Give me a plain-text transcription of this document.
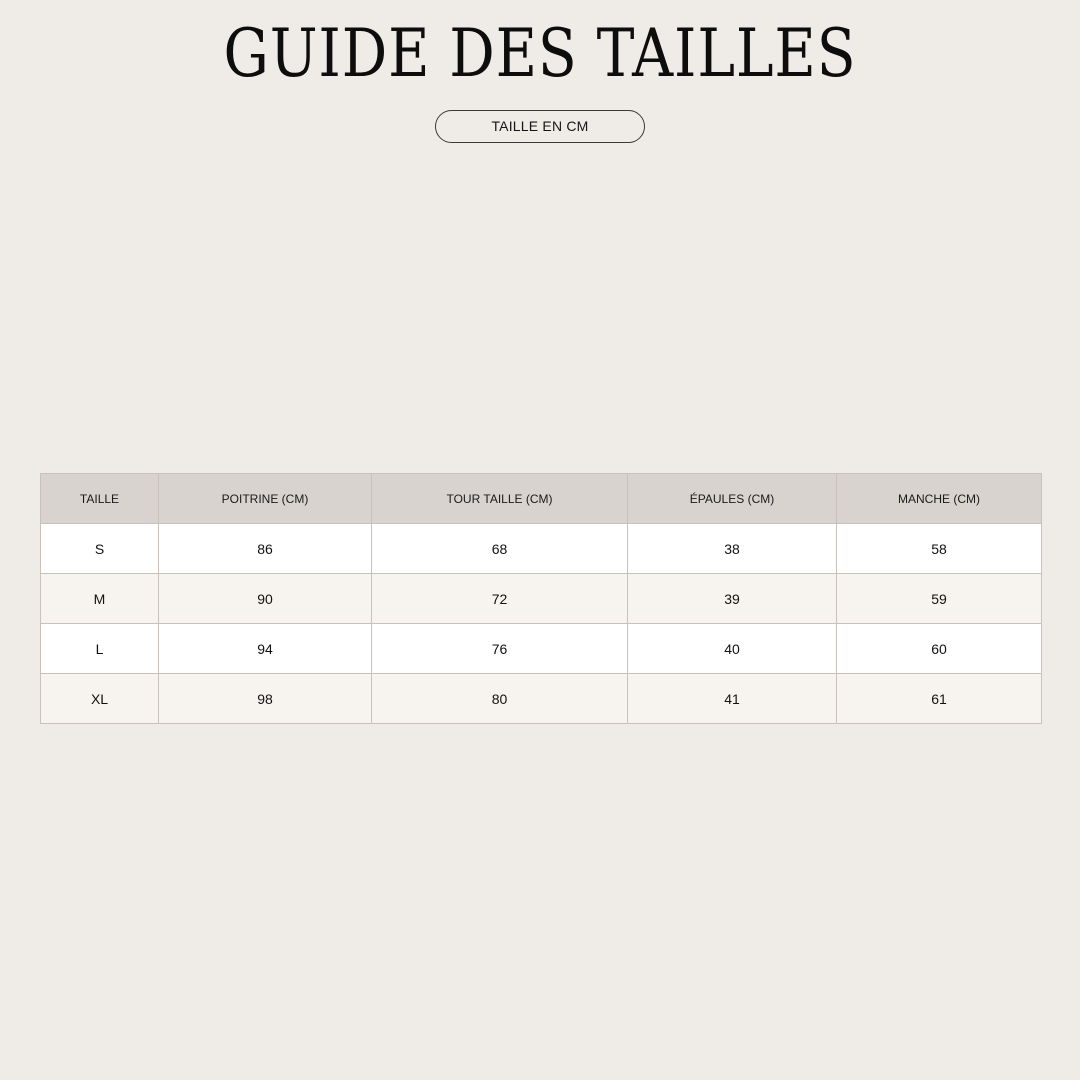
GUIDE DES TAILLES
TAILLE EN CM
TAILLE	POITRINE (CM)	TOUR TAILLE (CM)	ÉPAULES (CM)	MANCHE (CM)
S	86	68	38	58
M	90	72	39	59
L	94	76	40	60
XL	98	80	41	61
